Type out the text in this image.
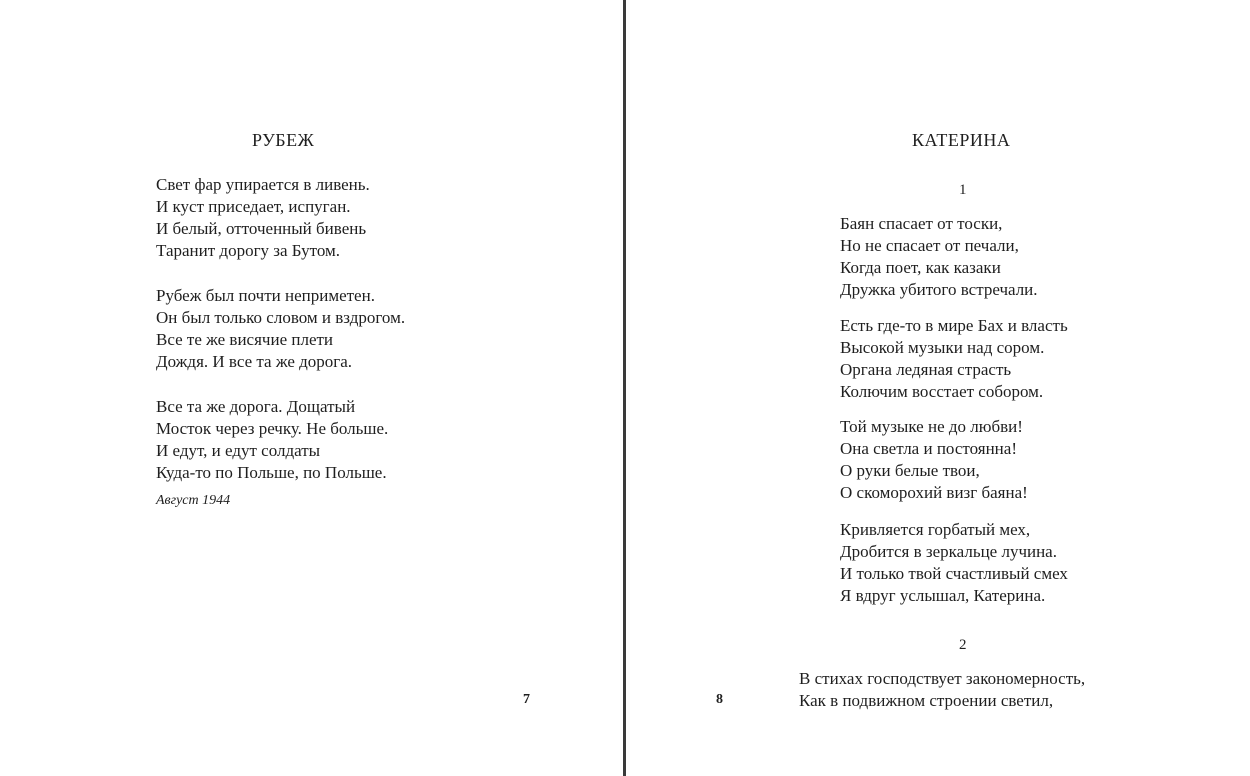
РУБЕЖ
Свет фар упирается в ливень.
И куст приседает, испуган.
И белый, отточенный бивень
Таранит дорогу за Бутом.
Рубеж был почти неприметен.
Он был только словом и вздрогом.
Все те же висячие плети
Дождя. И все та же дорога.
Все та же дорога. Дощатый
Мосток через речку. Не больше.
И едут, и едут солдаты
Куда-то по Польше, по Польше.
Август 1944
7
КАТЕРИНА
1
Баян спасает от тоски,
Но не спасает от печали,
Когда поет, как казаки
Дружка убитого встречали.
Есть где-то в мире Бах и власть
Высокой музыки над сором.
Органа ледяная страсть
Колючим восстает собором.
Той музыке не до любви!
Она светла и постоянна!
О руки белые твои,
О скоморохий визг баяна!
Кривляется горбатый мех,
Дробится в зеркальце лучина.
И только твой счастливый смех
Я вдруг услышал, Катерина.
2
В стихах господствует закономерность,
Как в подвижном строении светил,
8
